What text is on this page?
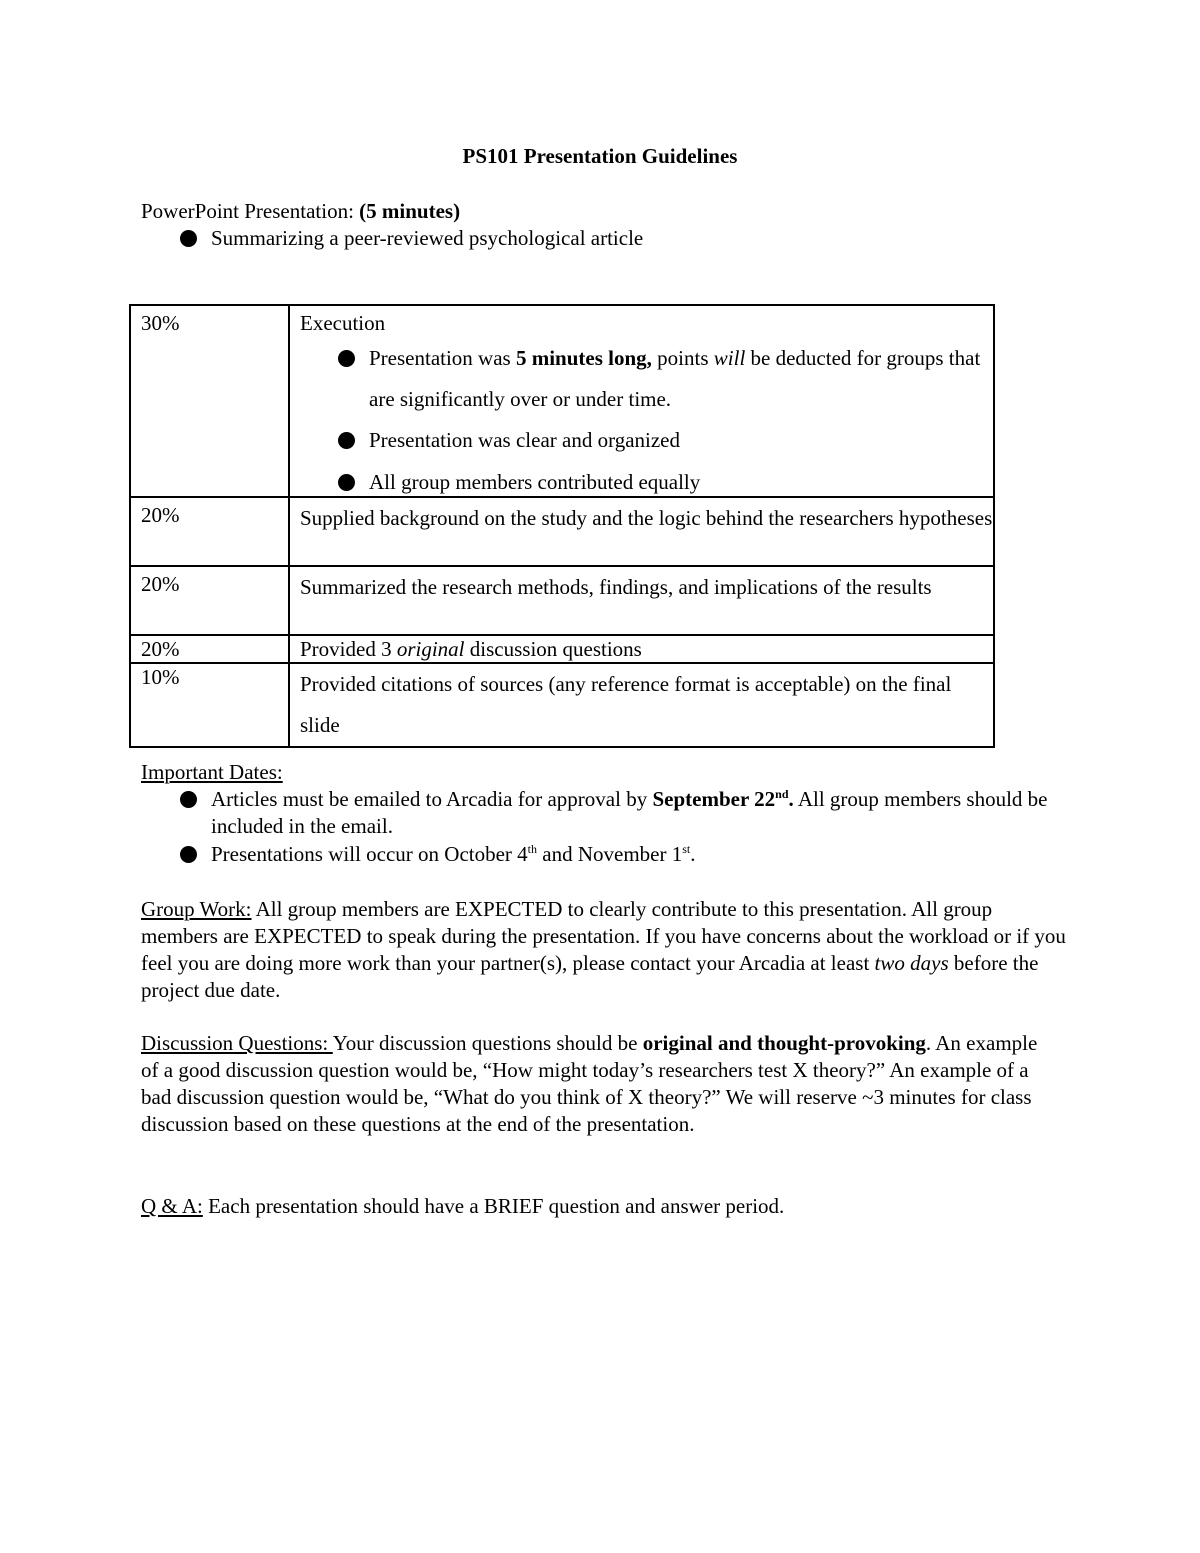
PS101 Presentation Guidelines
PowerPoint Presentation: (5 minutes)
Summarizing a peer-reviewed psychological article
30%	Execution
Presentation was 5 minutes long, points will be deducted for groups that are significantly over or under time.
Presentation was clear and organized
All group members contributed equally

20%	Supplied background on the study and the logic behind the researchers hypotheses
20%	Summarized the research methods, findings, and implications of the results
20%	Provided 3 original discussion questions
10%	Provided citations of sources (any reference format is acceptable) on the final slide
Important Dates:
Articles must be emailed to Arcadia for approval by September 22nd. All group members should be included in the email.
Presentations will occur on October 4th and November 1st.
Group Work: All group members are EXPECTED to clearly contribute to this presentation. All group members are EXPECTED to speak during the presentation. If you have concerns about the workload or if you feel you are doing more work than your partner(s), please contact your Arcadia at least two days before the project due date.
Discussion Questions: Your discussion questions should be original and thought-provoking. An example of a good discussion question would be, “How might today’s researchers test X theory?” An example of a bad discussion question would be, “What do you think of X theory?” We will reserve ~3 minutes for class discussion based on these questions at the end of the presentation.
Q & A: Each presentation should have a BRIEF question and answer period.
